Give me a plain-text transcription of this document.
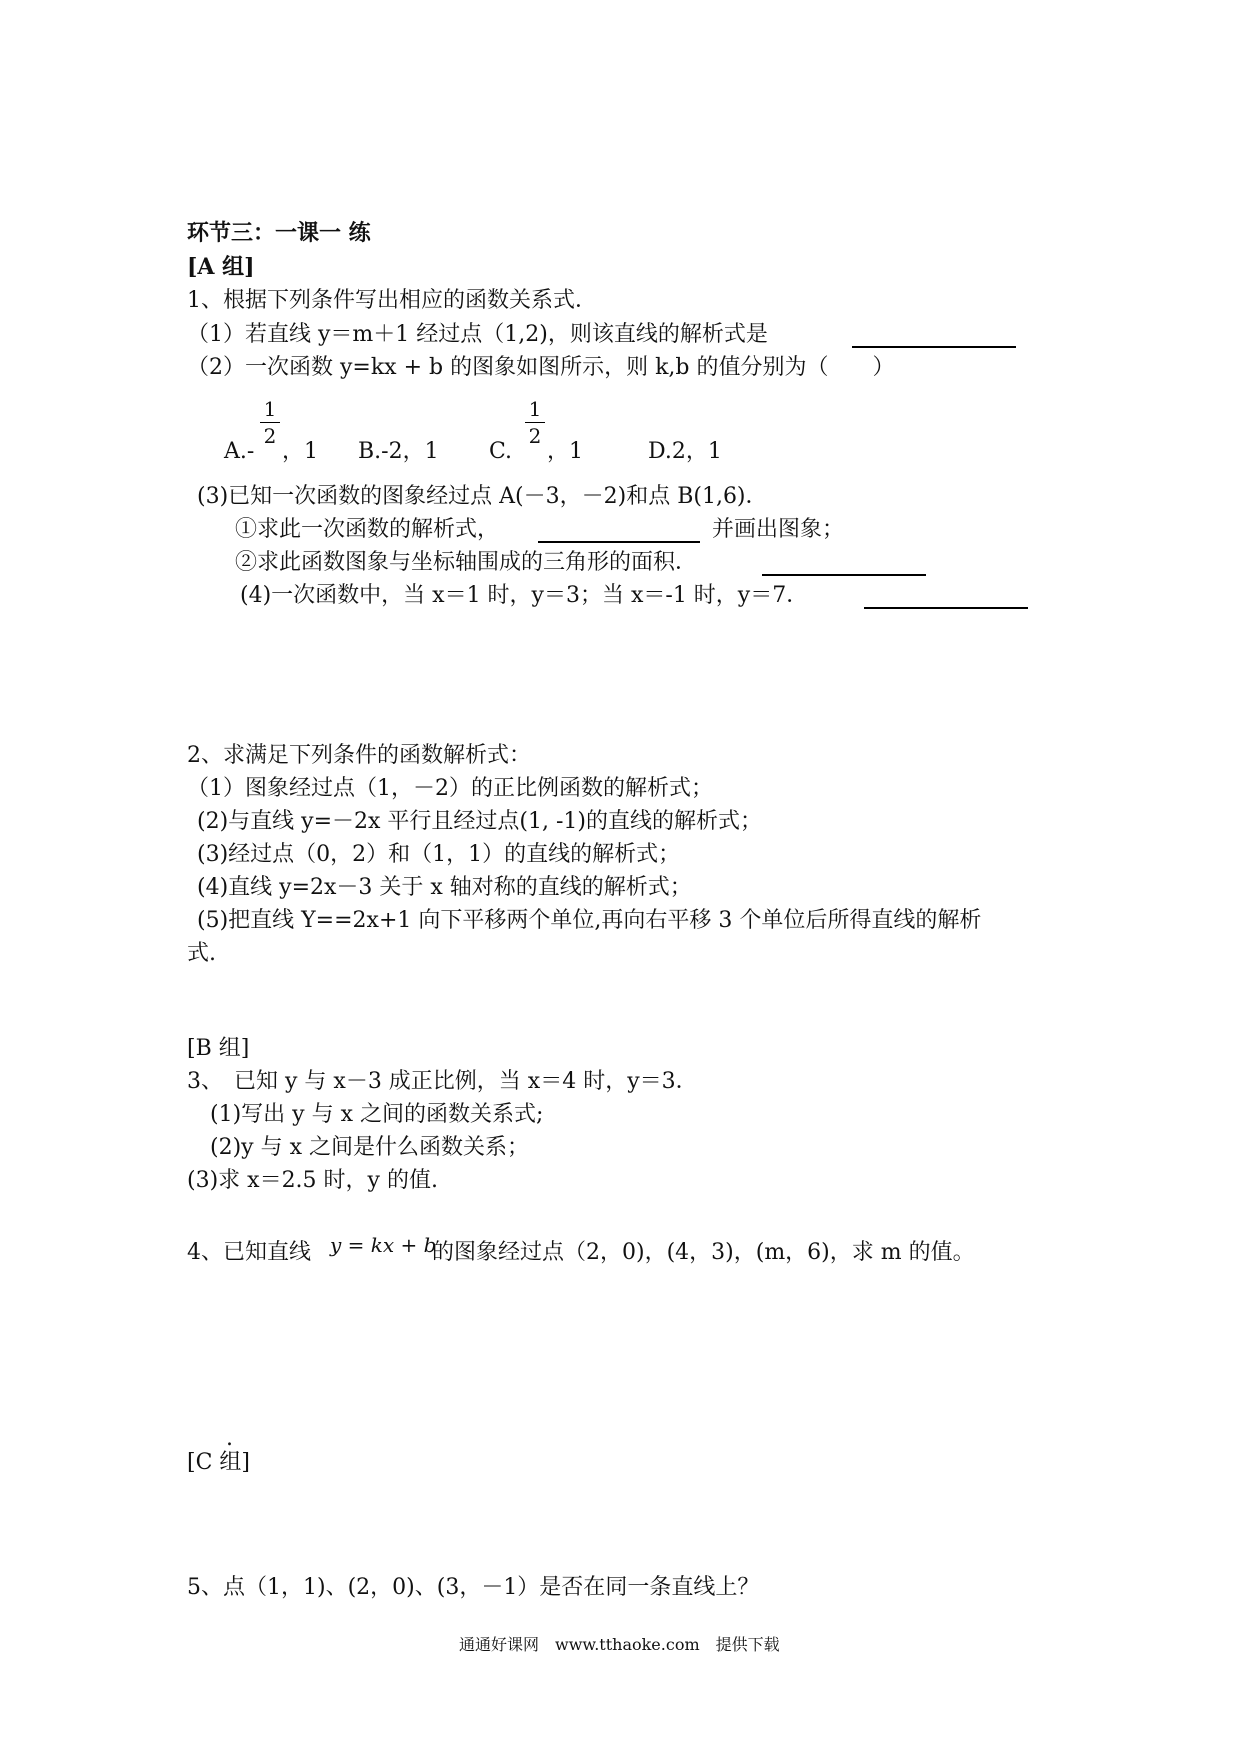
环节三：一课一 练
[A 组]
1、根据下列条件写出相应的函数关系式．
（1）若直线 y＝m＋1 经过点（1,2)，则该直线的解析式是
（2）一次函数 y=kx + b 的图象如图所示，则 k,b 的值分别为（　　）
A.-
1
2
，1 B.-2，1 C.
1
2
，1	D.2，1
(3)已知一次函数的图象经过点 A(－3，－2)和点 B(1,6)．
①求此一次函数的解析式，	并画出图象；
②求此函数图象与坐标轴围成的三角形的面积．
(4)一次函数中，当 x＝1 时，y＝3；当 x＝-1 时，y＝7．
2、求满足下列条件的函数解析式：
（1）图象经过点（1，－2）的正比例函数的解析式；
(2)与直线 y=－2x 平行且经过点(1, -1)的直线的解析式；
(3)经过点（0，2）和（1，1）的直线的解析式；
(4)直线 y=2x－3 关于 x 轴对称的直线的解析式；
(5)把直线 Y==2x+1 向下平移两个单位,再向右平移 3 个单位后所得直线的解析
式.
[B 组]
3、　已知 y 与 x－3 成正比例，当 x＝4 时，y＝3．
(1)写出 y 与 x 之间的函数关系式;
(2)y 与 x 之间是什么函数关系；
(3)求 x＝2.5 时，y 的值.
4、已知直线 y = kx + b
的图象经过点（2，0)，(4，3)，(m，6)，求 m 的值。
.
[C 组]
5、点（1，1)、(2，0)、(3，－1）是否在同一条直线上？
通通好课网　www.tthaoke.com　提供下载
